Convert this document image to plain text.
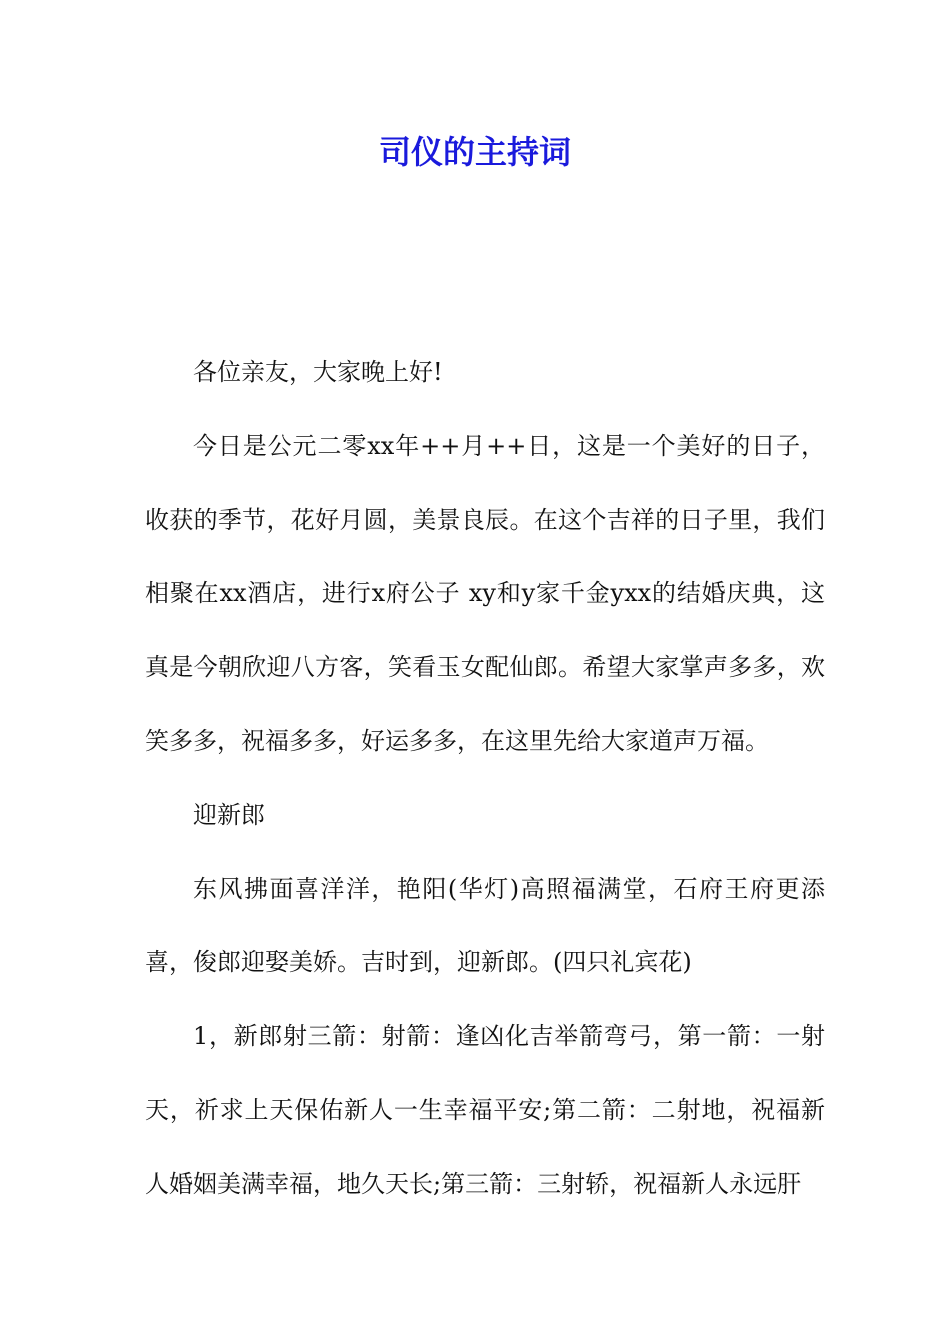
司仪的主持词

各位亲友，大家晚上好!

今日是公元二零xx年++月++日，这是一个美好的日子，收获的季节，花好月圆，美景良辰。在这个吉祥的日子里，我们相聚在xx酒店，进行x府公子 xy和y家千金yxx的结婚庆典，这真是今朝欣迎八方客，笑看玉女配仙郎。希望大家掌声多多，欢笑多多，祝福多多，好运多多，在这里先给大家道声万福。

迎新郎

东风拂面喜洋洋，艳阳(华灯)高照福满堂，石府王府更添喜，俊郎迎娶美娇。吉时到，迎新郎。(四只礼宾花)

1，新郎射三箭：射箭：逢凶化吉举箭弯弓，第一箭：一射天，祈求上天保佑新人一生幸福平安;第二箭：二射地，祝福新人婚姻美满幸福，地久天长;第三箭：三射轿，祝福新人永远肝
